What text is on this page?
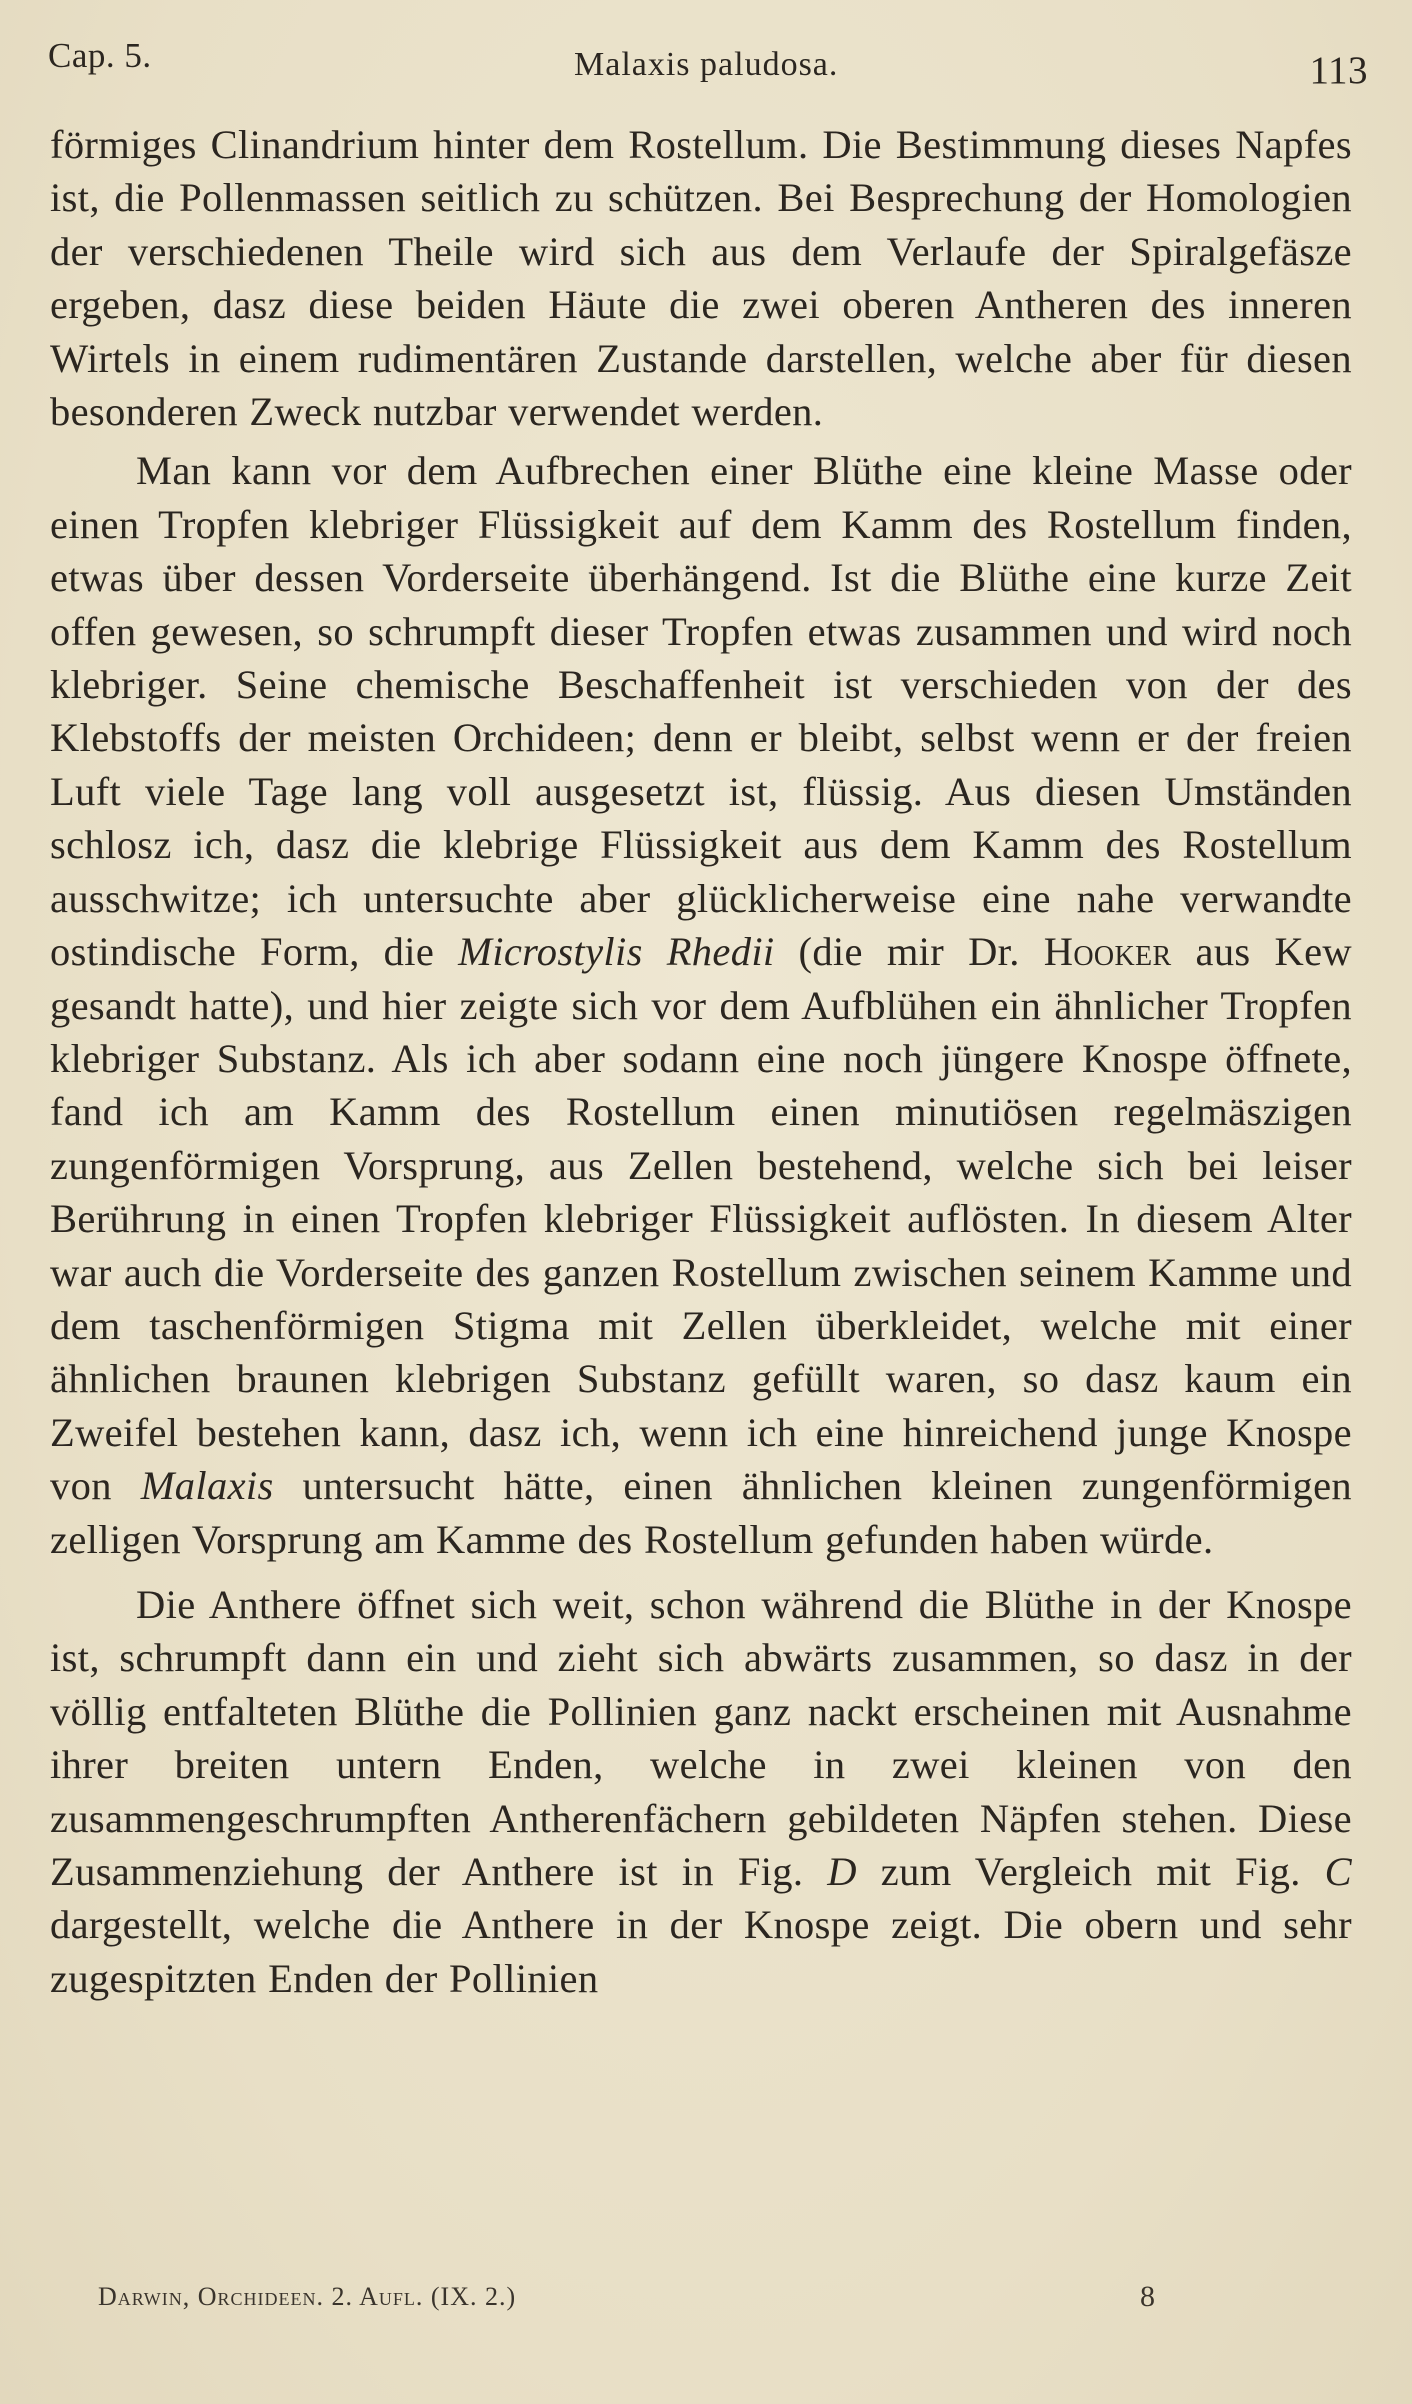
Cap. 5.	Malaxis paludosa.	113

förmiges Clinandrium hinter dem Rostellum. Die Bestimmung dieses Napfes ist, die Pollenmassen seitlich zu schützen. Bei Besprechung der Homologien der verschiedenen Theile wird sich aus dem Verlaufe der Spiralgefäsze ergeben, dasz diese beiden Häute die zwei oberen Antheren des inneren Wirtels in einem rudimentären Zustande darstellen, welche aber für diesen besonderen Zweck nutzbar verwendet werden.

Man kann vor dem Aufbrechen einer Blüthe eine kleine Masse oder einen Tropfen klebriger Flüssigkeit auf dem Kamm des Rostellum finden, etwas über dessen Vorderseite überhängend. Ist die Blüthe eine kurze Zeit offen gewesen, so schrumpft dieser Tropfen etwas zusammen und wird noch klebriger. Seine chemische Beschaffenheit ist verschieden von der des Klebstoffs der meisten Orchideen; denn er bleibt, selbst wenn er der freien Luft viele Tage lang voll ausgesetzt ist, flüssig. Aus diesen Umständen schlosz ich, dasz die klebrige Flüssigkeit aus dem Kamm des Rostellum ausschwitze; ich untersuchte aber glücklicherweise eine nahe verwandte ostindische Form, die Microstylis Rhedii (die mir Dr. Hooker aus Kew gesandt hatte), und hier zeigte sich vor dem Aufblühen ein ähnlicher Tropfen klebriger Substanz. Als ich aber sodann eine noch jüngere Knospe öffnete, fand ich am Kamm des Rostellum einen minutiösen regelmäszigen zungenförmigen Vorsprung, aus Zellen bestehend, welche sich bei leiser Berührung in einen Tropfen klebriger Flüssigkeit auflösten. In diesem Alter war auch die Vorderseite des ganzen Rostellum zwischen seinem Kamme und dem taschenförmigen Stigma mit Zellen überkleidet, welche mit einer ähnlichen braunen klebrigen Substanz gefüllt waren, so dasz kaum ein Zweifel bestehen kann, dasz ich, wenn ich eine hinreichend junge Knospe von Malaxis untersucht hätte, einen ähnlichen kleinen zungenförmigen zelligen Vorsprung am Kamme des Rostellum gefunden haben würde.

Die Anthere öffnet sich weit, schon während die Blüthe in der Knospe ist, schrumpft dann ein und zieht sich abwärts zusammen, so dasz in der völlig entfalteten Blüthe die Pollinien ganz nackt erscheinen mit Ausnahme ihrer breiten untern Enden, welche in zwei kleinen von den zusammengeschrumpften Antherenfächern gebildeten Näpfen stehen. Diese Zusammenziehung der Anthere ist in Fig. D zum Vergleich mit Fig. C dargestellt, welche die Anthere in der Knospe zeigt. Die obern und sehr zugespitzten Enden der Pollinien

Darwin, Orchideen. 2. Aufl. (IX. 2.)	8
